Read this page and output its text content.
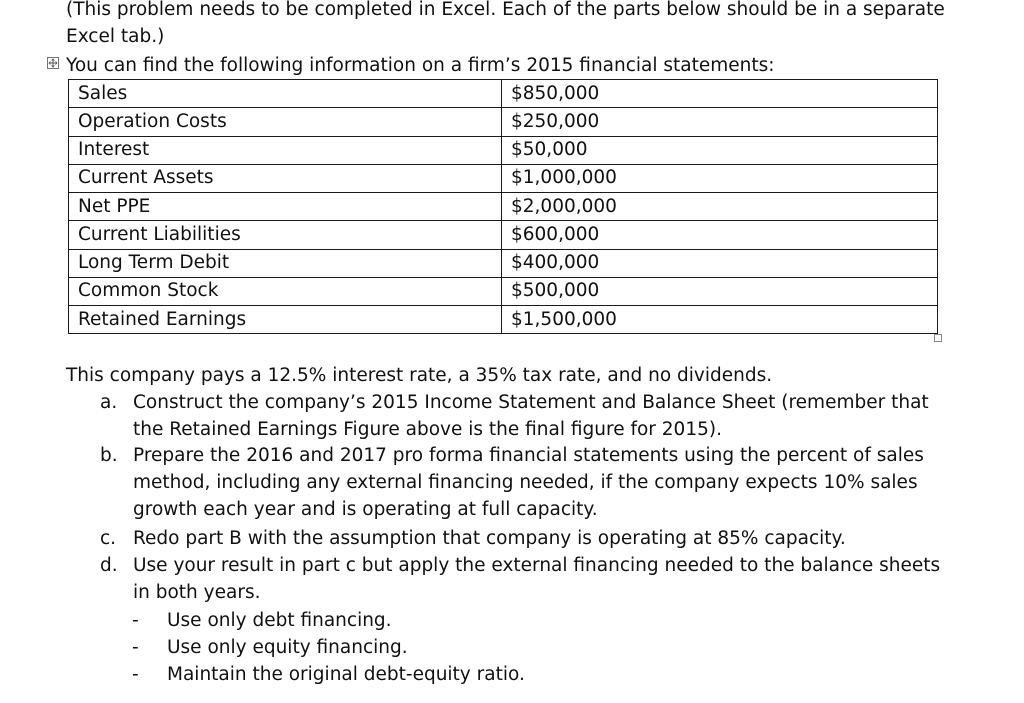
(This problem needs to be completed in Excel. Each of the parts below should be in a separate
Excel tab.)
You can find the following information on a firm’s 2015 financial statements:
Sales	$850,000
Operation Costs	$250,000
Interest	$50,000
Current Assets	$1,000,000
Net PPE	$2,000,000
Current Liabilities	$600,000
Long Term Debit	$400,000
Common Stock	$500,000
Retained Earnings	$1,500,000
This company pays a 12.5% interest rate, a 35% tax rate, and no dividends.
a. Construct the company’s 2015 Income Statement and Balance Sheet (remember that
the Retained Earnings Figure above is the final figure for 2015).
b. Prepare the 2016 and 2017 pro forma financial statements using the percent of sales
method, including any external financing needed, if the company expects 10% sales
growth each year and is operating at full capacity.
c. Redo part B with the assumption that company is operating at 85% capacity.
d. Use your result in part c but apply the external financing needed to the balance sheets
in both years.
- Use only debt financing.
- Use only equity financing.
- Maintain the original debt-equity ratio.
